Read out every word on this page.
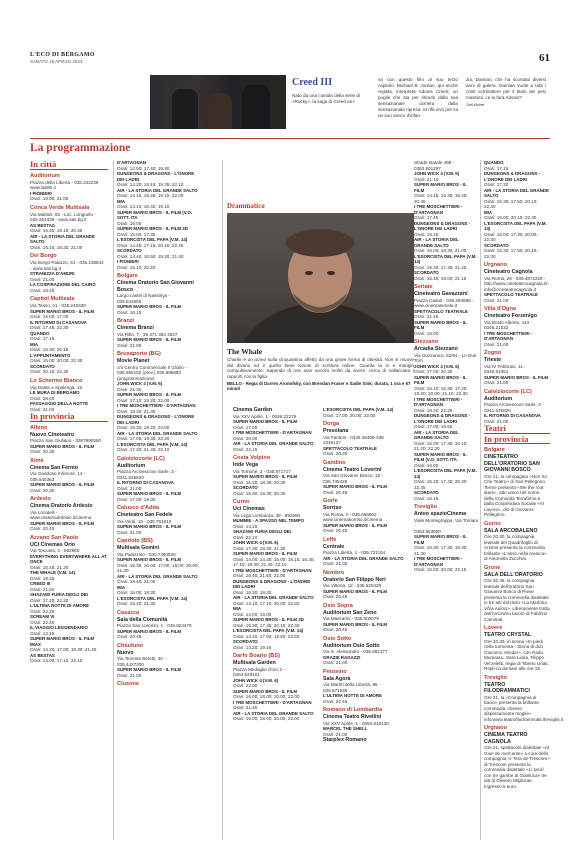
L'ECO DI BERGAMO
SABATO 15 APRILE 2023	61
Creed III
Nato da una costola della serie di «Rocky», la saga di Creed arri-
va con questo film al suo terzo capitolo. Michael B. Jordan, qui anche regista, interpreta Adonis Creed, un pugile che sta per ritirarsi dalla sua sensazionale carriera dalla sensazionale ripresa. Si rifà vivo per lui un suo amico d'infan-
zia, Damian, che ha scontato diversi anni di galera. Damian vuole a tutti i costi combattere per il titolo dei pesi massimi, ce la farà Adonis?
Sofi.Boine
La programmazione
In città
Auditorium
Piazza della Libertà - 035.342239
www.lab80.it
I PIONIERI
Orari: 19.00; 21.00
Conca Verde Multisala
Via Mattioli, 65 - Loc. Longuelo -
035.251339 - www.sas.bg.it
AS BESTAS
Orari: 15.45; 18.15; 20.45
AIR - LA STORIA DEL GRANDE SALTO
Orari: 16.15; 18.30; 21.00
Del Borgo
Via Borgo Palazzo, 51 - 035.236844
- www.sas.bg.it
STRANIZZA D'AMURI
Orari: 21.00
LA COSPIRAZIONE DEL CAIRO
Orari: 18.45
Capitol Multisala
Via Tasso, 41 - 035.248330
SUPER MARIO BROS - IL FILM
Orari: 15.00; 17.00
IL RITORNO DI CASANOVA
Orari: 17.45; 22.30
QUANDO
Orari: 17.15
MIA
Orari: 15.30; 20.15
L'APPUNTAMENTO
Orari: 15.00; 20.00; 22.30
SCORDATO
Orari: 20.15; 22.30
Lo Schermo Bianco
Via Daste e Spalenga, 15
LE MURA DI BERGAMO
Orari: 18.00
PASSAGGIO DELLA NOTTE
Orari: 21.00
In provincia
Albino
Nuovo Cineteatro
Piazza San Giuliano - 3387990560
SUPER MARIO BROS - IL FILM
Orari: 20.30
Almè
Cinema San Fermo
Via Gaddone Inferiore, 14 -
035.545363
SUPER MARIO BROS - IL FILM
Orari: 20.30
Ardesio
Cinema Oratorio Ardesio
Via Locatelli -
www.oratorioardesio.it/cinema
SUPER MARIO BROS - IL FILM
Orari: 20.45
Azzano San Paolo
UCI Cinemas Orio
Via Toscana, 2 - 892960
EVERYTHING EVERYWHERE ALL AT ONCE
Orari: 15.45; 21.20
THE WHALE (V.M. 14)
Orari: 18.45
CREED III
Orari: 21.50
SHAZAM! FURIA DEGLI DEI
Orari: 17.20; 22.20
L'ULTIMA NOTTE DI AMORE
Orari: 22.30
SCREAM VI
Orari: 22.40
IL VIAGGIO LEGGENDARIO
Orari: 14.15
SUPER MARIO BROS - IL FILM
IMAX
Orari: 14.30; 17.00; 19.30; 21.45
AS BESTAS
Orari: 14.00; 17.10; 22.15
D'ARTAGNAN
Orari: 14.50; 17.40; 19.40
DUNGEONS & DRAGONS - L'ONORE DEI LADRI
Orari: 14.20; 18.15; 19.35; 22.10
AIR - LA STORIA DEL GRANDE SALTO
Orari: 14.15; 16.45; 19.15; 22.00
MIA
Orari: 14.10; 16.40; 19.10
SUPER MARIO BROS - IL FILM (V.O. SOTT. ITA
Orari: 16.00
SUPER MARIO BROS - IL FILM 3D
Orari: 15.00; 17.30
L'ESORCISTA DEL PAPA (V.M. 14)
Orari: 14.45; 17.15; 20.15; 22.45
SCORDATO
Orari: 14.40; 16.50; 19.20; 21.40
I PIONIERI
Orari: 15.10; 20.20
Bolgare
Cinema Oratorio San Giovanni Bosco
Largo castel di Nassiriya -
035.843555
SUPER MARIO BROS - IL FILM
Orari: 16.15
Branzi
Cinema Branzi
Via Rillo, 7 - 39 371 384 4927
SUPER MARIO BROS - IL FILM
Orari: 21.00
Brusaporto (BG)
Movie Planet
c/o Centro Commerciale Il Globo -
035.695182 (prev.) 035.695660
(programmazione)
JOHN WICK 4 (V.M. 6)
Orari: 21.30
SUPER MARIO BROS - IL FILM
Orari: 17.10; 19.20; 22.00
I TRE MOSCHETTIERI - D'ARTAGNAN
Orari: 18.30; 21.30
DUNGEONS & DRAGONS - L'ONORE DEI LADRI
Orari: 16.30; 19.20; 22.00
AIR - LA STORIA DEL GRANDE SALTO
Orari: 17.05; 19.35; 22.20
L'ESORCISTA DEL PAPA (V.M. 14)
Orari: 17.30; 21.45; 22.10
Calolziocorte (LC)
Auditorium
Piazza Arcivescovo Sarle, 3 -
0341.635820
IL RITORNO DI CASANOVA
Orari: 21.00
SUPER MARIO BROS - IL FILM
Orari: 17.00; 19.00
Calusco d'Adda
Cineteatro San Fedele
Via Verdi, 18 - 035.791010
SUPER MARIO BROS - IL FILM
Orari: 21.00
Capriolo (BS)
Multisala Gemini
Via Palazzolo - 030.7460530
SUPER MARIO BROS - IL FILM
Orari: 15.30; 16.00; 17.00; 18.00; 20.00; 21.30
AIR - LA STORIA DEL GRANDE SALTO
Orari: 18.40; 21.00
MIA
Orari: 16.00; 18.30
L'ESORCISTA DEL PAPA (V.M. 14)
Orari: 19.40; 21.30
Casazza
Sala della Comunità
Piazza San Lorenzo, 1 - 035.824479
SUPER MARIO BROS - IL FILM
Orari: 20.45
Chiuduno
Nuovo
Via Tenente Belotti, 40 -
035.4427300
SUPER MARIO BROS - IL FILM
Orari: 21.00
Clusone
Drammatico
The Whale
Charlie è un uomo sulla cinquantina affetto da una grave forma di obesità. Non si muove dal divano ed è quello tiene lezioni di scrittura online. Guarda la tv e mangia compulsivamente. Sapendo di non aver ancora molto da vivere, cerca di riallacciare i rapporti con la figlia.
BELLO - Regia di Darren Aronofsky, con Brendan Fraser e Sadie Sink; durata, 1 ora e 57 minuti
Cinema Garden
Via XXV Aprile, 1 - 0346.22275
SUPER MARIO BROS - IL FILM
Orari: 17.00
I TRE MOSCHETTIERI - D'ARTAGNAN
Orari: 20.00
AIR - LA STORIA DEL GRANDE SALTO
Orari: 22.15
Costa Volpino
Iride Vega
Via Torrione, 2 - 035.971717
SUPER MARIO BROS - IL FILM
Orari: 16.30; 18.30; 20.30
SCORDATO
Orari: 16.30; 18.30; 20.30
Curno
Uci Cinemas
Via Lega Lombarda, 39 - 892960
MUMMIE - A SPASSO NEL TEMPO
Orari: 14.15
SHAZAM! FURIA DEGLI DEI
Orari: 22.10
JOHN WICK 4 (V.M. 6)
Orari: 17.30; 19.30; 21.30
SUPER MARIO BROS - IL FILM
Orari: 14.00; 14.30; 15.00; 16.15; 16.45; 17.15; 19.30; 21.45; 22.15
I TRE MOSCHETTIERI - D'ARTAGNAN
Orari: 16.40; 21.50; 22.00
DUNGEONS & DRAGONS - L'ONORE DEI LADRI
Orari: 16.30; 19.20
AIR - LA STORIA DEL GRANDE SALTO
Orari: 14.10; 17.10; 20.00; 22.30
MIA
Orari: 14.00; 19.00
SUPER MARIO BROS - IL FILM 3D
Orari: 15.30; 17.45; 20.15; 22.30
L'ESORCISTA DEL PAPA (V.M. 14)
Orari: 14.40; 17.00; 19.50; 22.50
SCORDATO
Orari: 14.20; 19.15
Darfo Boario (BS)
Multisala Garden
Piazza Medaglie d'oro 2 -
0364.529101
JOHN WICK 4 (V.M. 6)
Orari: 22.00
SUPER MARIO BROS - IL FILM
Orari: 16.00; 18.00; 20.00; 22.00
I TRE MOSCHETTIERI - D'ARTAGNAN
Orari: 21.45
AIR - LA STORIA DEL GRANDE SALTO
Orari: 16.00; 18.00; 20.00; 22.00
L'ESORCISTA DEL PAPA (V.M. 14)
Orari: 17.00; 20.00; 22.00
Dorga
Presolana
Via Fantoni - 0346.38406-338
2448127
SPETTACOLO TEATRALE
Orari: 20.30
Gandino
Cinema Teatro Loverini
Via San Giovanni Bosco, 10 -
035.745425
SUPER MARIO BROS - IL FILM
Orari: 20.45
Gorle
Sorriso
Via Roma, 2 - 035.656962 -
www.cinemasorriso.it/cinema
SUPER MARIO BROS - IL FILM
Orari: 20.45
Leffe
Centrale
Piazza Libertà, 1 - 035.731154
AIR - LA STORIA DEL GRANDE SALTO
Orari: 21.00
Nembro
Oratorio San Filippo Neri
Via Vittoria, 12 - 035.520428
SUPER MARIO BROS - IL FILM
Orari: 20.45
Osio Sopra
Auditorium San Zeno
Via Mascarini - 035.500079
SUPER MARIO BROS - IL FILM
Orari: 20.45
Osio Sotto
Auditorium Osio Sotto
Via S. Alessandro - 035.881377
GRAZIE RAGAZZI
Orari: 21.00
Petosino
Sala Agorà
Via Martiri della Libertà, 95 -
035.571936
L'ULTIMA NOTTE DI AMORE
Orari: 20.45
Romano di Lombardia
Cinema Teatro Rivellini
Via XXV Aprile, 1 - 0363.910130
MARCEL THE SHELL
Orari: 21.00
Starplex Romano
Strade statale 498 - 0363.901297
JOHN WICK 4 (V.M. 6)
Orari: 21.10
SUPER MARIO BROS - IL FILM
Orari: 14.45; 16.45; 18.45; 20.45
I TRE MOSCHETTIERI - D'ARTAGNAN
Orari: 17.45
DUNGEONS & DRAGONS - L'ONORE DEI LADRI
Orari: 15.15
AIR - LA STORIA DEL GRANDE SALTO
Orari: 16.00; 18.30; 21.00
L'ESORCISTA DEL PAPA (V.M. 14)
Orari: 15.30; 17.45; 21.25
SCORDATO
Orari: 15.45; 18.00; 21.15
Seriate
Cineteatro Gavazzeni
Piazza Caduti - 035.294688 -
www.cinemaseriate.it
SPETTACOLO TEATRALE
Orari: 21.15
SUPER MARIO BROS - IL FILM
Orari: 15.00
Stezzano
Arcadia Stezzano
Via Guzzanica, 62/64 - Le Due Torri
JOHN WICK 4 (V.M. 6)
Orari: 17.00; 20.30
SUPER MARIO BROS - IL FILM
Orari: 15.10; 16.30; 17.20; 18.30; 20.00; 21.10; 22.30
I TRE MOSCHETTIERI - D'ARTAGNAN
Orari: 18.20; 22.25
DUNGEONS & DRAGONS - L'ONORE DEI LADRI
Orari: 17.00; 19.50
AIR - LA STORIA DEL GRANDE SALTO
Orari: 15.00; 17.30; 20.10; 21.20; 22.30
SUPER MARIO BROS - IL FILM (V.O. SOTT. ITA
Orari: 16.00
L'ESORCISTA DEL PAPA (V.M. 14)
Orari: 15.20; 17.40; 20.20; 22.45
SCORDATO
Orari: 15.15
Treviglio
Anteo spazioCinema
Viale Montegrappa, Via Torriani -
0363.563000
SUPER MARIO BROS - IL FILM
Orari: 15.30; 17.30; 19.30; 21.30
I TRE MOSCHETTIERI - D'ARTAGNAN
Orari: 15.00; 20.00; 22.15
QUANDO
Orari: 17.15
DUNGEONS & DRAGONS - L'ONORE DEI LADRI
Orari: 17.30
AIR - LA STORIA DEL GRANDE SALTO
Orari: 15.30; 17.50; 20.10; 22.30
MIA
Orari: 15.00; 20.10; 22.30
L'ESORCISTA DEL PAPA (V.M. 14)
Orari: 15.00; 17.30; 20.00; 22.30
SCORDATO
Orari: 15.30; 17.50; 20.10; 22.30
Urgnano
Cineteatro Cagnola
Via Roma, 26 - 035.4872228 -
http://www.cineteatrocagnola.it/-
info@cineteatrocagnola.it
SPETTACOLO TEATRALE
Orari: 21.00
Villa d'Ogna
Cineteatro Forzenigo
Via Bosto Alberto, 113 - 0346.21532
I TRE MOSCHETTIERI - D'ARTAGNAN
Orari: 21.00
Zogno
Trieste
Via IV Febbraio, 11 - 0345.91051
SUPER MARIO BROS - IL FILM
Orari: 21.00
Calolziocorte (LC)
Auditorium
Piazza Arcivescovo Sarle, 3 -
0341.635820
IL RITORNO DI CASANOVA
Orari: 21.00
Teatri
In provincia
Bolgare
CINETEATRO DELL'ORATORIO SAN GIOVANNI BOSCO
Ore 21, la compagnia «Non So Che Teatro» di San Pellegrino Terme presenta «We the root stars», atto unico nel nome della Comunità Terrafirma e dalla Cooperativa Sociale «Al Lavoro», dio di Giovanni Pellegrino.
Gorno
SALA ARCOBALENO
Ore 20.30, la compagnia teatrale del Quadrifoglio di Arzene presenta la commedia brillante «L'asso nella manica» di Antonella Zucchini.
Grone
SALA DELL'ORATORIO
Ore 20.45, la compagnia teatrale dell'oratorio San Giovanni Bosco di Pieve presenta la commedia dialettale in tre atti dal titolo «La Marlùna Vôra Auloci». Liberamente tratta dall'omonimo lavoro di Fabrizio Caminati.
Lovere
TEATRO CRYSTAL
Ore 20.30, in scena «In piedi nella tormenta - Storia di don Giacomo Vender», con Radu Murarasu, Sara Liuka, Filippo Verzeletti, regia di Tiberio Uriati. Repli-ca domani alle ore 16.
Treviglio
TEATRO FILODRAMMATICI
Ore 21, la «Compagnia al bacio» presenta la brillante commedia «Senso dispersamente moglie» info:www.teatrofilodrammaticitreviglio.it
Urgnano
CINEMA TEATRO CAGNOLA
Ore 21, spettacolo dialettale «Al Gioe de mercante» a cura della compagnia «I Tera de Trescore» di Trescore presenta la commedia dialettale «Lì tacòl con tre gambe di Gianluca» tre atti di Oliviero Migliorati. Ingresso 5 euro.
